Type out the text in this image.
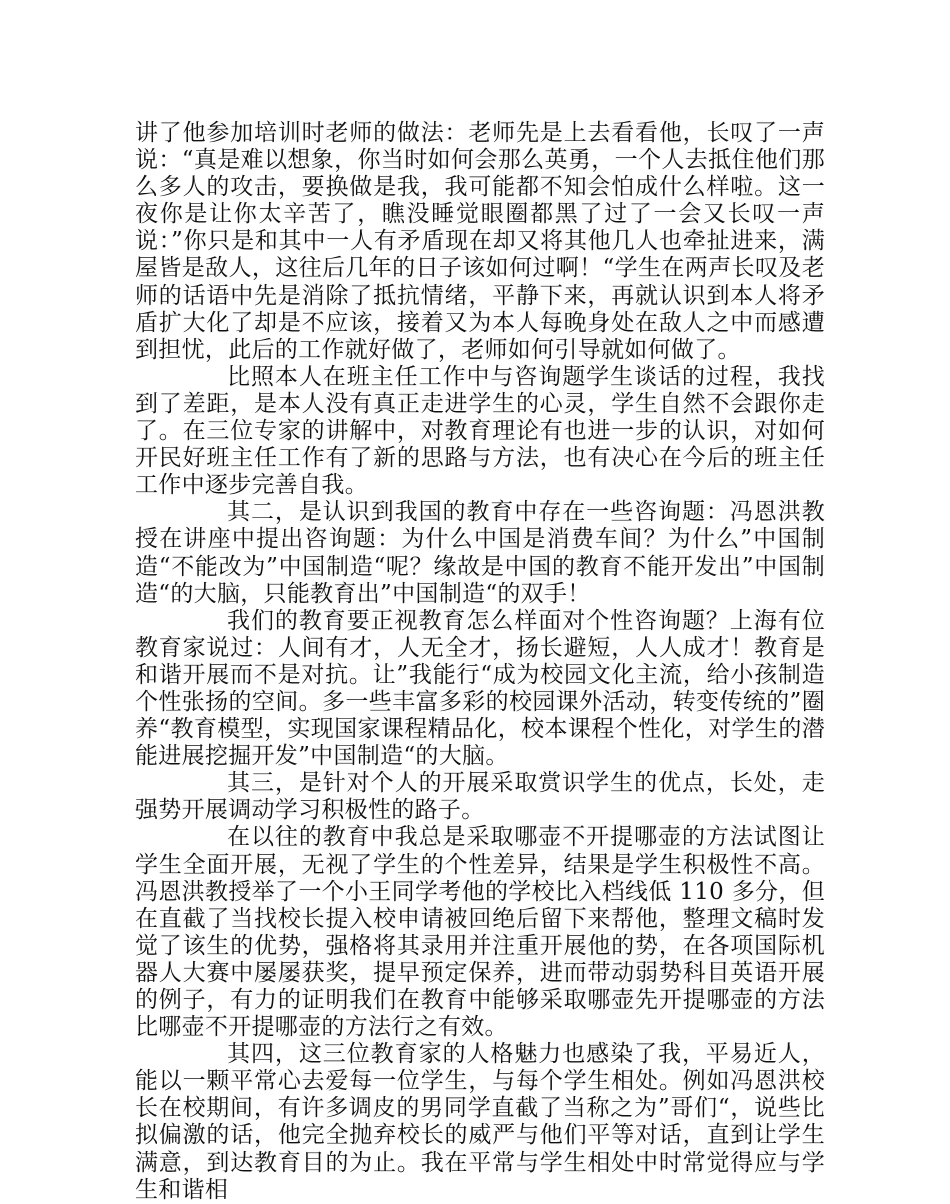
讲了他参加培训时老师的做法：老师先是上去看看他，长叹了一声说：“真是难以想象，你当时如何会那么英勇，一个人去抵住他们那么多人的攻击，要换做是我，我可能都不知会怕成什么样啦。这一夜你是让你太辛苦了，瞧没睡觉眼圈都黑了过了一会又长叹一声说：”你只是和其中一人有矛盾现在却又将其他几人也牵扯进来，满屋皆是敌人，这往后几年的日子该如何过啊！“学生在两声长叹及老师的话语中先是消除了抵抗情绪，平静下来，再就认识到本人将矛盾扩大化了却是不应该，接着又为本人每晚身处在敌人之中而感遭到担忧，此后的工作就好做了，老师如何引导就如何做了。

比照本人在班主任工作中与咨询题学生谈话的过程，我找到了差距，是本人没有真正走进学生的心灵，学生自然不会跟你走了。在三位专家的讲解中，对教育理论有也进一步的认识，对如何开民好班主任工作有了新的思路与方法，也有决心在今后的班主任工作中逐步完善自我。

其二，是认识到我国的教育中存在一些咨询题：冯恩洪教授在讲座中提出咨询题：为什么中国是消费车间？为什么”中国制造“不能改为”中国制造“呢？缘故是中国的教育不能开发出”中国制造“的大脑，只能教育出”中国制造“的双手！

我们的教育要正视教育怎么样面对个性咨询题？上海有位教育家说过：人间有才，人无全才，扬长避短，人人成才！教育是和谐开展而不是对抗。让”我能行“成为校园文化主流，给小孩制造个性张扬的空间。多一些丰富多彩的校园课外活动，转变传统的”圈养“教育模型，实现国家课程精品化，校本课程个性化，对学生的潜能进展挖掘开发”中国制造“的大脑。

其三，是针对个人的开展采取赏识学生的优点，长处，走强势开展调动学习积极性的路子。

在以往的教育中我总是采取哪壶不开提哪壶的方法试图让学生全面开展，无视了学生的个性差异，结果是学生积极性不高。冯恩洪教授举了一个小王同学考他的学校比入档线低 110 多分，但在直截了当找校长提入校申请被回绝后留下来帮他，整理文稿时发觉了该生的优势，强格将其录用并注重开展他的势，在各项国际机器人大赛中屡屡获奖，提早预定保养，进而带动弱势科目英语开展的例子，有力的证明我们在教育中能够采取哪壶先开提哪壶的方法比哪壶不开提哪壶的方法行之有效。

其四，这三位教育家的人格魅力也感染了我，平易近人，能以一颗平常心去爱每一位学生，与每个学生相处。例如冯恩洪校长在校期间，有许多调皮的男同学直截了当称之为”哥们“，说些比拟偏激的话，他完全抛弃校长的威严与他们平等对话，直到让学生满意，到达教育目的为止。我在平常与学生相处中时常觉得应与学生和谐相
